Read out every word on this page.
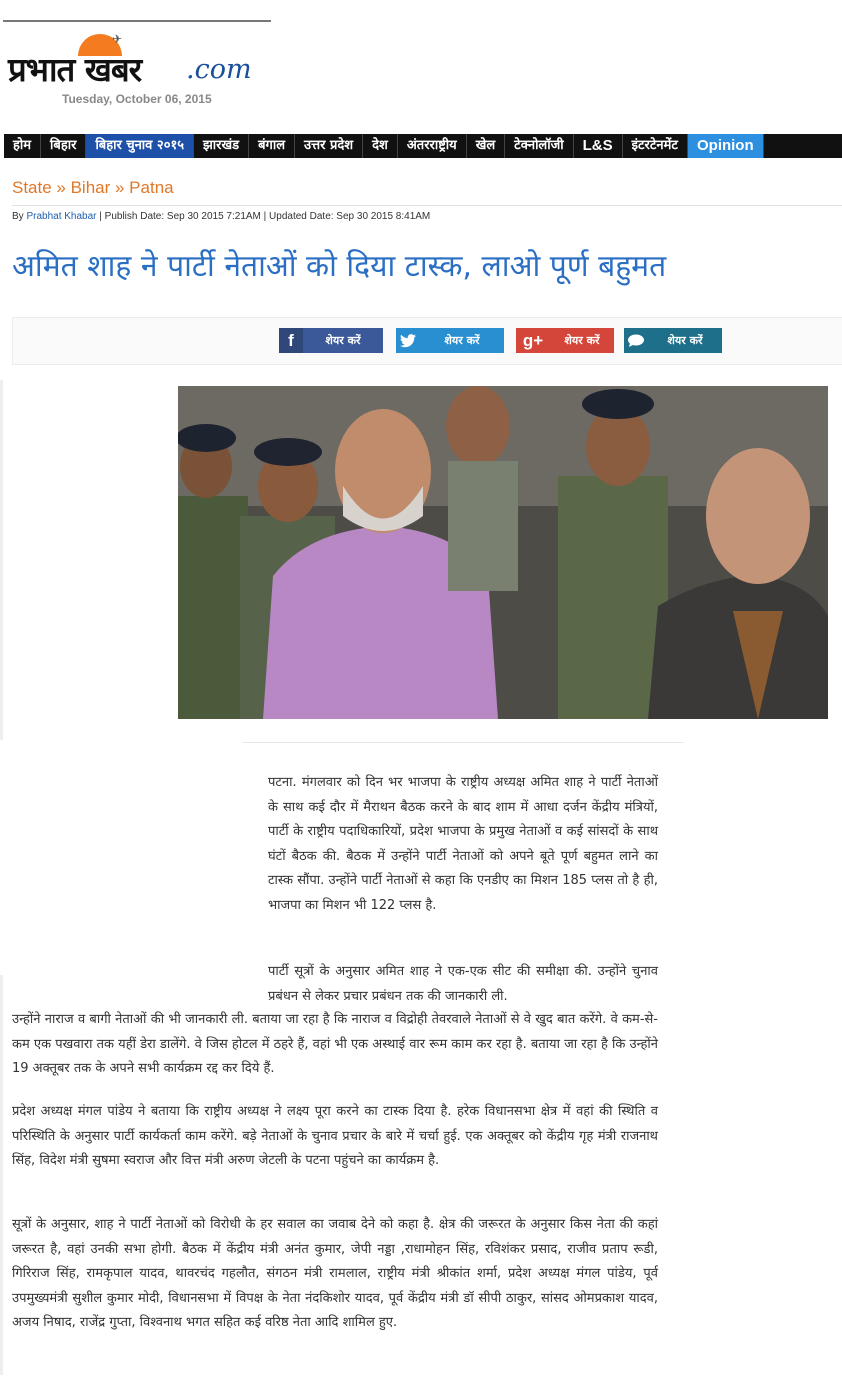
✈
प्रभात खबर .com
Tuesday, October 06, 2015
होम	बिहार	बिहार चुनाव २०१५	झारखंड	बंगाल	उत्तर प्रदेश	देश	अंतरराष्ट्रीय	खेल	टेक्नोलॉजी	L&S	इंटरटेनमेंट	Opinion
State » Bihar » Patna
By Prabhat Khabar | Publish Date: Sep 30 2015 7:21AM | Updated Date: Sep 30 2015 8:41AM
अमित शाह ने पार्टी नेताओं को दिया टास्क, लाओ पूर्ण बहुमत
f	शेयर करें	शेयर करें	g+	शेयर करें	शेयर करें

पटना. मंगलवार को दिन भर भाजपा के राष्ट्रीय अध्यक्ष अमित शाह ने पार्टी नेताओं के साथ कई दौर में मैराथन बैठक करने के बाद शाम में आधा दर्जन केंद्रीय मंत्रियों, पार्टी के राष्ट्रीय पदाधिकारियों, प्रदेश भाजपा के प्रमुख नेताओं व कई सांसदों के साथ घंटों बैठक की. बैठक में उन्होंने पार्टी नेताओं को अपने बूते पूर्ण बहुमत लाने का टास्क सौंपा. उन्होंने पार्टी नेताओं से कहा कि एनडीए का मिशन 185 प्लस तो है ही, भाजपा का मिशन भी 122 प्लस है.

पार्टी सूत्रों के अनुसार अमित शाह ने एक-एक सीट की समीक्षा की. उन्होंने चुनाव प्रबंधन से लेकर प्रचार प्रबंधन तक की जानकारी ली.

उन्होंने नाराज व बागी नेताओं की भी जानकारी ली. बताया जा रहा है कि नाराज व विद्रोही तेवरवाले नेताओं से वे खुद बात करेंगे. वे कम-से-कम एक पखवारा तक यहीं डेरा डालेंगे. वे जिस होटल में ठहरे हैं, वहां भी एक अस्थाई वार रूम काम कर रहा है. बताया जा रहा है कि उन्होंने 19 अक्तूबर तक के अपने सभी कार्यक्रम रद्द कर दिये हैं.

प्रदेश अध्यक्ष मंगल पांडेय ने बताया कि राष्ट्रीय अध्यक्ष ने लक्ष्य पूरा करने का टास्क दिया है. हरेक विधानसभा क्षेत्र में वहां की स्थिति व परिस्थिति के अनुसार पार्टी कार्यकर्ता काम करेंगे. बड़े नेताओं के चुनाव प्रचार के बारे में चर्चा हुई. एक अक्तूबर को केंद्रीय गृह मंत्री राजनाथ सिंह, विदेश मंत्री सुषमा स्वराज और वित्त मंत्री अरुण जेटली के पटना पहुंचने का कार्यक्रम है.

सूत्रों के अनुसार, शाह ने पार्टी नेताओं को विरोधी के हर सवाल का जवाब देने को कहा है. क्षेत्र की जरूरत के अनुसार किस नेता की कहां जरूरत है, वहां उनकी सभा होगी. बैठक में केंद्रीय मंत्री अनंत कुमार, जेपी नड्डा ,राधामोहन सिंह, रविशंकर प्रसाद, राजीव प्रताप रूडी, गिरिराज सिंह, रामकृपाल यादव, थावरचंद गहलौत, संगठन मंत्री रामलाल, राष्ट्रीय मंत्री श्रीकांत शर्मा, प्रदेश अध्यक्ष मंगल पांडेय, पूर्व उपमुख्यमंत्री सुशील कुमार मोदी, विधानसभा में विपक्ष के नेता नंदकिशोर यादव, पूर्व केंद्रीय मंत्री डॉ सीपी ठाकुर, सांसद ओमप्रकाश यादव, अजय निषाद, राजेंद्र गुप्ता, विश्वनाथ भगत सहित कई वरिष्ठ नेता आदि शामिल हुए.
